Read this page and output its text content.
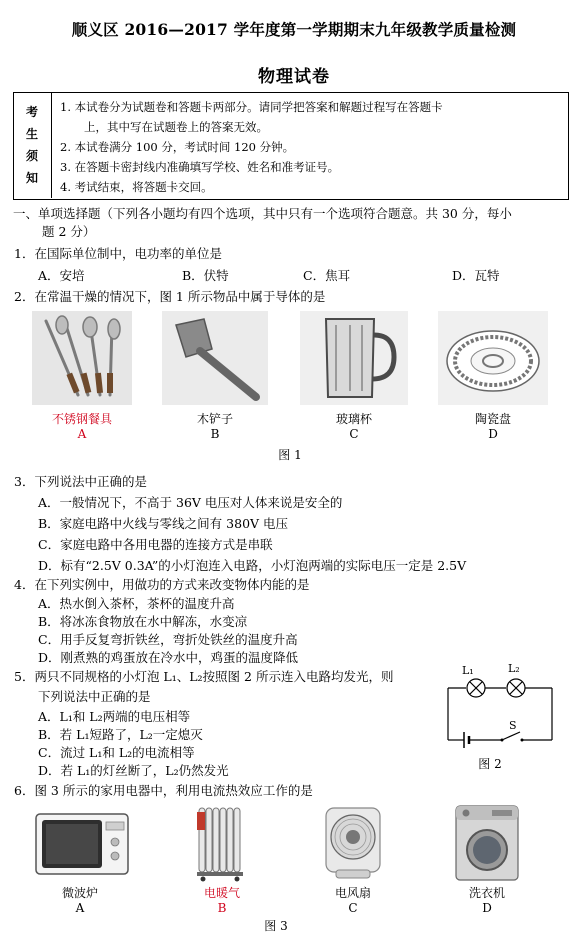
顺义区 2016—2017 学年度第一学期期末九年级教学质量检测
物理试卷
考
生
须
知
1. 本试卷分为试题卷和答题卡两部分。请同学把答案和解题过程写在答题卡
上，其中写在试题卷上的答案无效。
2. 本试卷满分 100 分，考试时间 120 分钟。
3. 在答题卡密封线内准确填写学校、姓名和准考证号。
4. 考试结束，将答题卡交回。
一、单项选择题（下列各小题均有四个选项，其中只有一个选项符合题意。共 30 分，每小
题 2 分）
1．在国际单位制中，电功率的单位是
A．安培	B．伏特	C．焦耳	D．瓦特
2．在常温干燥的情况下，图 1 所示物品中属于导体的是
不锈钢餐具
A
木铲子
B
玻璃杯
C
陶瓷盘
D
图 1
3．下列说法中正确的是
A．一般情况下，不高于 36V 电压对人体来说是安全的
B．家庭电路中火线与零线之间有 380V 电压
C．家庭电路中各用电器的连接方式是串联
D．标有“2.5V 0.3A”的小灯泡连入电路，小灯泡两端的实际电压一定是 2.5V
4．在下列实例中，用做功的方式来改变物体内能的是
A．热水倒入茶杯，茶杯的温度升高
B．将冰冻食物放在水中解冻，水变凉
C．用手反复弯折铁丝，弯折处铁丝的温度升高
D．刚煮熟的鸡蛋放在冷水中，鸡蛋的温度降低
5．两只不同规格的小灯泡 L₁、L₂按照图 2 所示连入电路均发光，则
下列说法中正确的是
A．L₁和 L₂两端的电压相等
B．若 L₁短路了，L₂一定熄灭
C．流过 L₁和 L₂的电流相等
D．若 L₁的灯丝断了，L₂仍然发光
L₁	L₂
S
图 2
6．图 3 所示的家用电器中，利用电流热效应工作的是
微波炉
A
电暖气
B
电风扇
C
洗衣机
D
图 3
